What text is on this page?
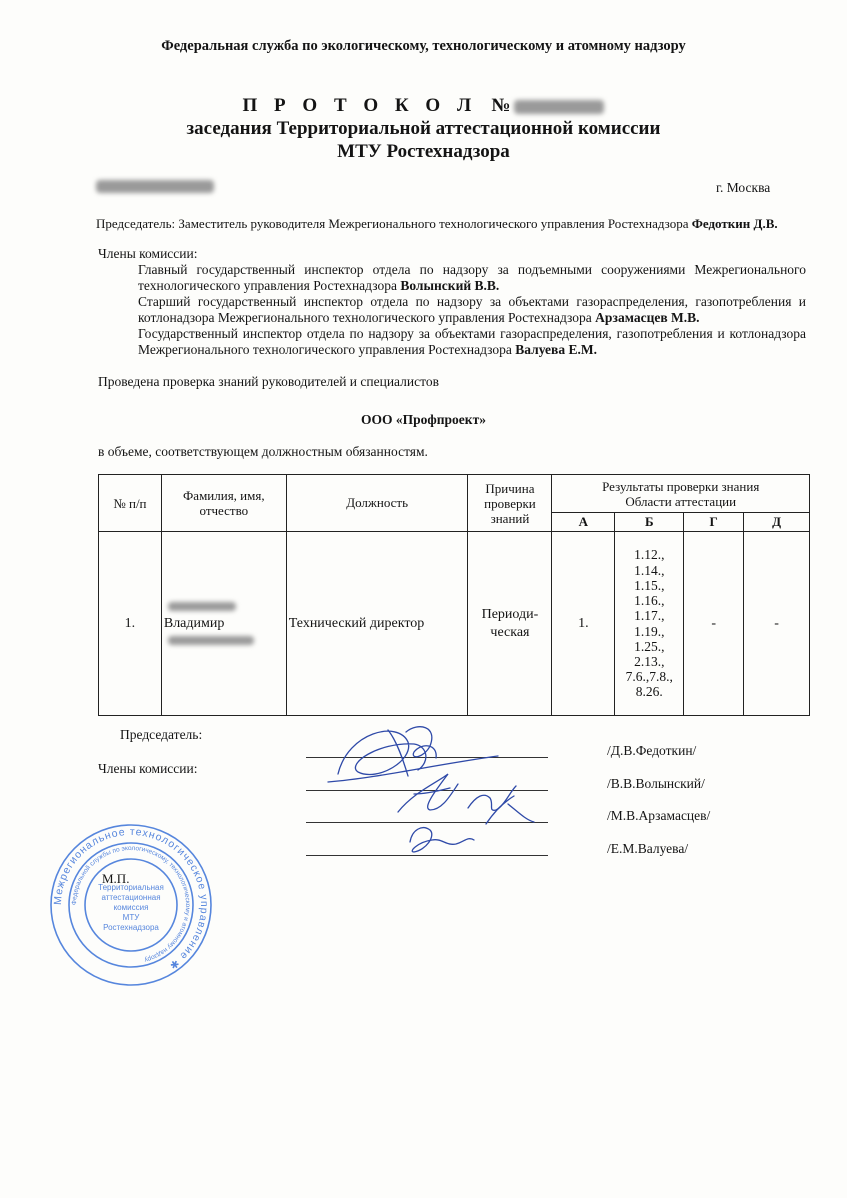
Федеральная служба по экологическому, технологическому и атомному надзору
П Р О Т О К О Л №
заседания Территориальной аттестационной комиссии
МТУ Ростехнадзора
г. Москва
Председатель: Заместитель руководителя Межрегионального технологического управления Ростехнадзора Федоткин Д.В.
Члены комиссии:
Главный государственный инспектор отдела по надзору за подъемными сооружениями Межрегионального технологического управления Ростехнадзора Волынский В.В.
Старший государственный инспектор отдела по надзору за объектами газораспределения, газопотребления и котлонадзора Межрегионального технологического управления Ростехнадзора Арзамасцев М.В.
Государственный инспектор отдела по надзору за объектами газораспределения, газопотребления и котлонадзора Межрегионального технологического управления Ростехнадзора Валуева Е.М.
Проведена проверка знаний руководителей и специалистов
ООО «Профпроект»
в объеме, соответствующем должностным обязанностям.
№ п/п	Фамилия, имя, отчество	Должность	Причина проверки знаний	Результаты проверки знания
Области аттестации			

				А	Б	Г	Д
1.	Владимир	Технический директор	Периоди-ческая	1.	1.12., 1.14., 1.15., 1.16., 1.17., 1.19., 1.25., 2.13., 7.6.,7.8., 8.26.	-	-
Председатель:
Члены комиссии:
/Д.В.Федоткин/
/В.В.Волынский/
/М.В.Арзамасцев/
/Е.М.Валуева/
Межрегиональное технологическое управление ✱
Федеральной службы по экологическому, технологическому и атомному надзору
Территориальная
аттестационная
комиссия
МТУ
Ростехнадзора
М.П.
